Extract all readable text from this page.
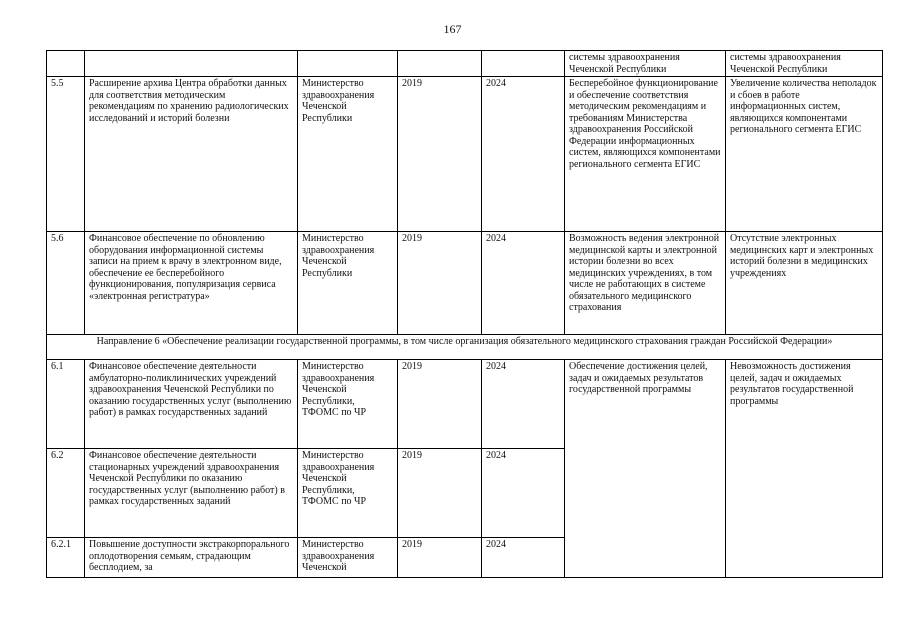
167
					системы здравоохранения Чеченской Республики	системы здравоохранения Чеченской Республики
5.5	Расширение архива Центра обработки данных для соответствия методическим рекомендациям по хранению радиологических исследований и историй болезни	Министерство здравоохранения Чеченской Республики	2019	2024	Бесперебойное функционирование и обеспечение соответствия методическим рекомендациям и требованиям Министерства здравоохранения Российской Федерации информационных систем, являющихся компонентами регионального сегмента ЕГИС	Увеличение количества неполадок и сбоев в работе информационных систем, являющихся компонентами регионального сегмента ЕГИС
5.6	Финансовое обеспечение по обновлению оборудования информационной системы записи на прием к врачу в электронном виде, обеспечение ее бесперебойного функционирования, популяризация сервиса «электронная регистратура»	Министерство здравоохранения Чеченской Республики	2019	2024	Возможность ведения электронной медицинской карты и электронной истории болезни во всех медицинских учреждениях, в том числе не работающих в системе обязательного медицинского страхования	Отсутствие электронных медицинских карт и электронных историй болезни в медицинских учреждениях
Направление 6 «Обеспечение реализации государственной программы, в том числе организация обязательного медицинского страхования граждан Российской Федерации»						
6.1	Финансовое обеспечение деятельности амбулаторно-поликлинических учреждений здравоохранения Чеченской Республики по оказанию государственных услуг (выполнению работ) в рамках государственных заданий	Министерство здравоохранения Чеченской Республики, ТФОМС по ЧР	2019	2024	Обеспечение достижения целей, задач и ожидаемых результатов государственной программы	Невозможность достижения целей, задач и ожидаемых результатов государственной программы
6.2	Финансовое обеспечение деятельности стационарных учреждений здравоохранения Чеченской Республики по оказанию государственных услуг (выполнению работ) в рамках государственных заданий	Министерство здравоохранения Чеченской Республики, ТФОМС по ЧР	2019	2024		
6.2.1	Повышение доступности экстракорпорального оплодотворения семьям, страдающим бесплодием, за	Министерство здравоохранения Чеченской	2019	2024		
